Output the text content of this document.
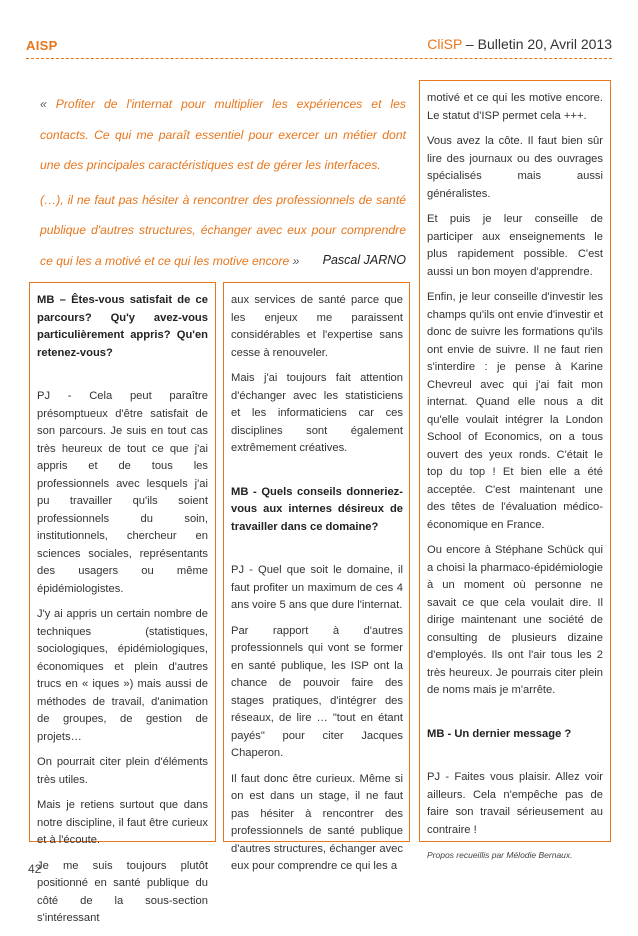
AISP	CliSP – Bulletin 20, Avril 2013

« Profiter de l'internat pour multiplier les expériences et les contacts. Ce qui me paraît essentiel pour exercer un métier dont une des principales caractéristiques est de gérer les interfaces.

(…), il ne faut pas hésiter à rencontrer des professionnels de santé publique d'autres structures, échanger avec eux pour comprendre ce qui les a motivé et ce qui les motive encore »	Pascal JARNO

MB – Êtes-vous satisfait de ce parcours? Qu'y avez-vous particulièrement appris? Qu'en retenez-vous?

PJ - Cela peut paraître présomptueux d'être satisfait de son parcours. Je suis en tout cas très heureux de tout ce que j'ai appris et de tous les professionnels avec lesquels j'ai pu travailler qu'ils soient professionnels du soin, institutionnels, chercheur en sciences sociales, représentants des usagers ou même épidémiologistes.

J'y ai appris un certain nombre de techniques (statistiques, sociologiques, épidémiologiques, économiques et plein d'autres trucs en « iques ») mais aussi de méthodes de travail, d'animation de groupes, de gestion de projets…

On pourrait citer plein d'éléments très utiles.

Mais je retiens surtout que dans notre discipline, il faut être curieux et à l'écoute.

Je me suis toujours plutôt positionné en santé publique du côté de la sous-section s'intéressant

aux services de santé parce que les enjeux me paraissent considérables et l'expertise sans cesse à renouveler.

Mais j'ai toujours fait attention d'échanger avec les statisticiens et les informaticiens car ces disciplines sont également extrêmement créatives.

MB - Quels conseils donneriez-vous aux internes désireux de travailler dans ce domaine?

PJ - Quel que soit le domaine, il faut profiter un maximum de ces 4 ans voire 5 ans que dure l'internat.

Par rapport à d'autres professionnels qui vont se former en santé publique, les ISP ont la chance de pouvoir faire des stages pratiques, d'intégrer des réseaux, de lire … "tout en étant payés" pour citer Jacques Chaperon.

Il faut donc être curieux. Même si on est dans un stage, il ne faut pas hésiter à rencontrer des professionnels de santé publique d'autres structures, échanger avec eux pour comprendre ce qui les a

motivé et ce qui les motive encore. Le statut d'ISP permet cela +++.

Vous avez la côte. Il faut bien sûr lire des journaux ou des ouvrages spécialisés mais aussi généralistes.

Et puis je leur conseille de participer aux enseignements le plus rapidement possible. C'est aussi un bon moyen d'apprendre.

Enfin, je leur conseille d'investir les champs qu'ils ont envie d'investir et donc de suivre les formations qu'ils ont envie de suivre. Il ne faut rien s'interdire : je pense à Karine Chevreul avec qui j'ai fait mon internat. Quand elle nous a dit qu'elle voulait intégrer la London School of Economics, on a tous ouvert des yeux ronds. C'était le top du top ! Et bien elle a été acceptée. C'est maintenant une des têtes de l'évaluation médico-économique en France.

Ou encore à Stéphane Schück qui a choisi la pharmaco-épidémiologie à un moment où personne ne savait ce que cela voulait dire. Il dirige maintenant une société de consulting de plusieurs dizaine d'employés. Ils ont l'air tous les 2 très heureux. Je pourrais citer plein de noms mais je m'arrête.

MB - Un dernier message ?

PJ - Faites vous plaisir. Allez voir ailleurs. Cela n'empêche pas de faire son travail sérieusement au contraire !

Propos recueillis par Mélodie Bernaux.

42
